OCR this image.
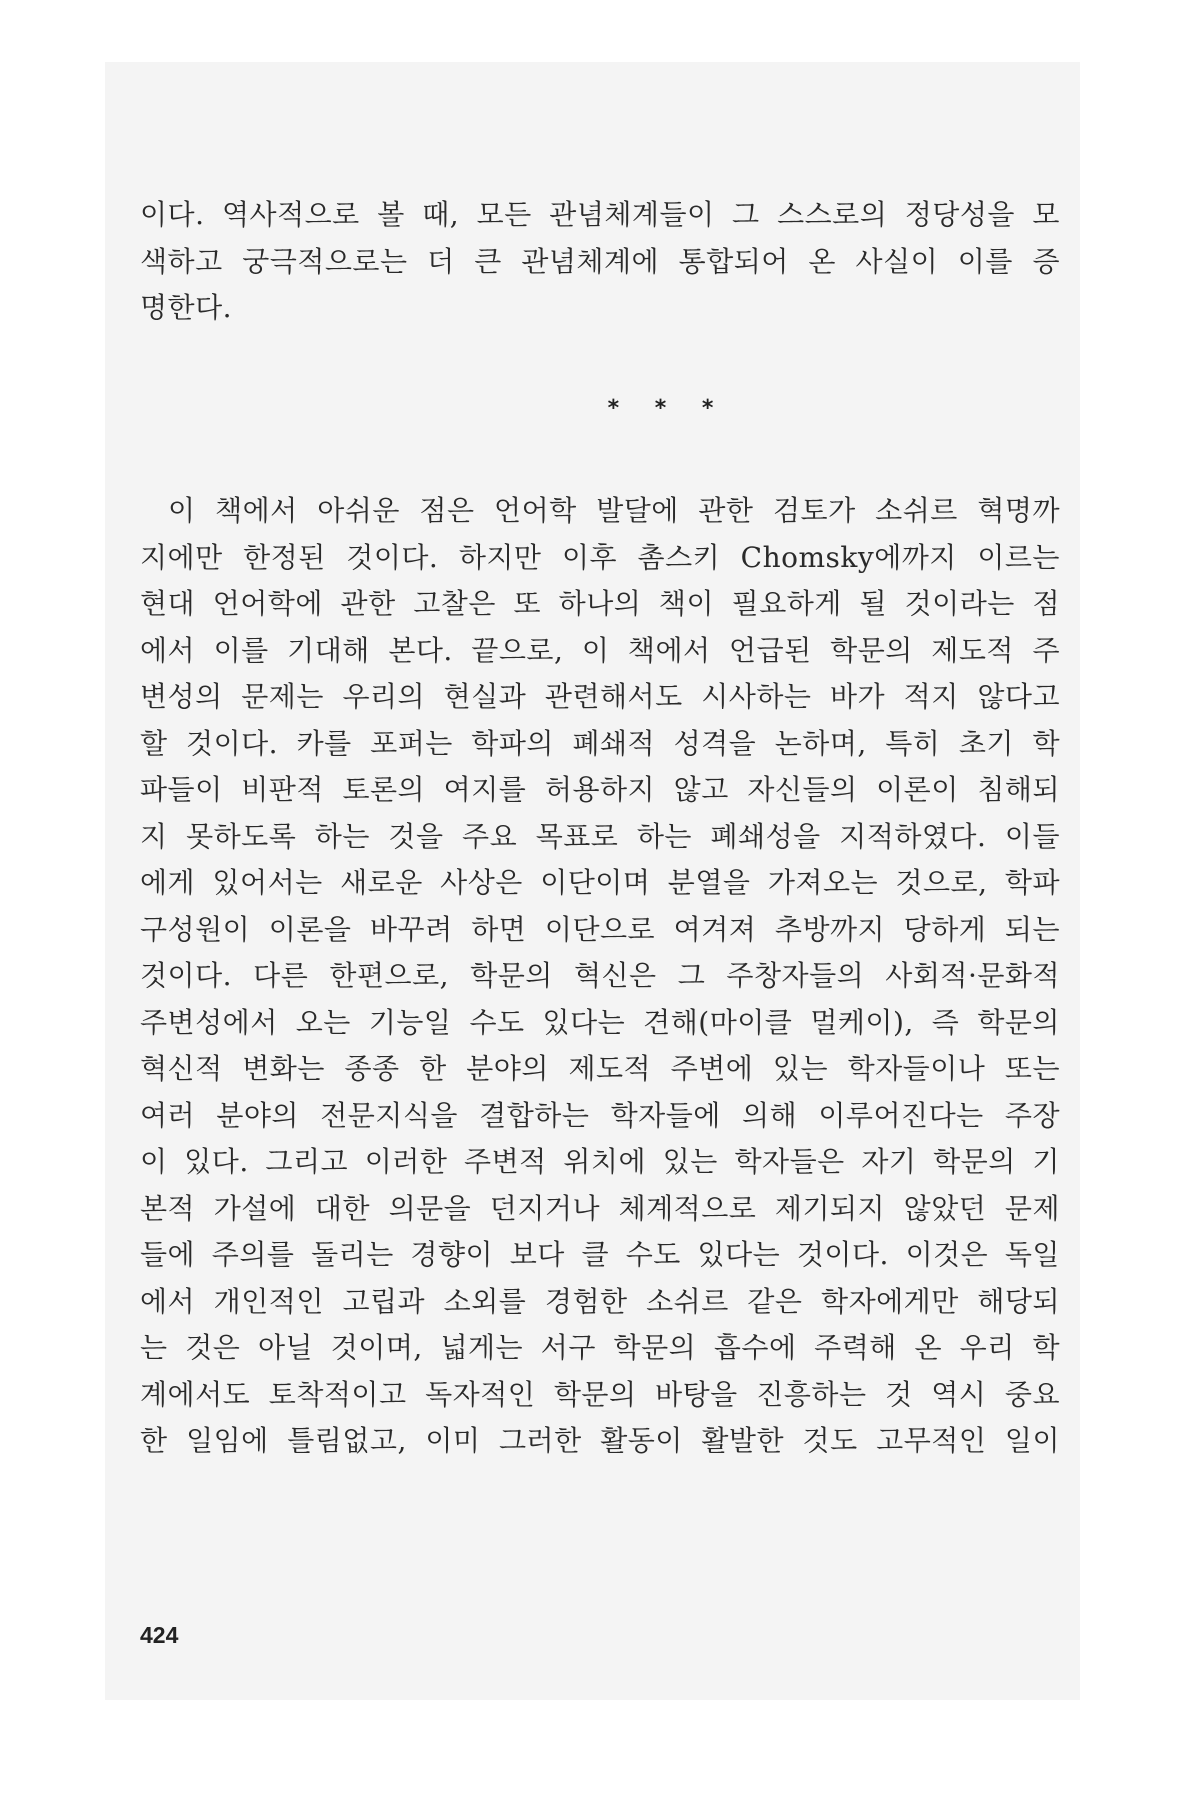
이다. 역사적으로 볼 때, 모든 관념체계들이 그 스스로의 정당성을 모
색하고 궁극적으로는 더 큰 관념체계에 통합되어 온 사실이 이를 증
명한다.
* * *
이 책에서 아쉬운 점은 언어학 발달에 관한 검토가 소쉬르 혁명까
지에만 한정된 것이다. 하지만 이후 촘스키 Chomsky에까지 이르는
현대 언어학에 관한 고찰은 또 하나의 책이 필요하게 될 것이라는 점
에서 이를 기대해 본다. 끝으로, 이 책에서 언급된 학문의 제도적 주
변성의 문제는 우리의 현실과 관련해서도 시사하는 바가 적지 않다고
할 것이다. 카를 포퍼는 학파의 폐쇄적 성격을 논하며, 특히 초기 학
파들이 비판적 토론의 여지를 허용하지 않고 자신들의 이론이 침해되
지 못하도록 하는 것을 주요 목표로 하는 폐쇄성을 지적하였다. 이들
에게 있어서는 새로운 사상은 이단이며 분열을 가져오는 것으로, 학파
구성원이 이론을 바꾸려 하면 이단으로 여겨져 추방까지 당하게 되는
것이다. 다른 한편으로, 학문의 혁신은 그 주창자들의 사회적·문화적
주변성에서 오는 기능일 수도 있다는 견해(마이클 멀케이), 즉 학문의
혁신적 변화는 종종 한 분야의 제도적 주변에 있는 학자들이나 또는
여러 분야의 전문지식을 결합하는 학자들에 의해 이루어진다는 주장
이 있다. 그리고 이러한 주변적 위치에 있는 학자들은 자기 학문의 기
본적 가설에 대한 의문을 던지거나 체계적으로 제기되지 않았던 문제
들에 주의를 돌리는 경향이 보다 클 수도 있다는 것이다. 이것은 독일
에서 개인적인 고립과 소외를 경험한 소쉬르 같은 학자에게만 해당되
는 것은 아닐 것이며, 넓게는 서구 학문의 흡수에 주력해 온 우리 학
계에서도 토착적이고 독자적인 학문의 바탕을 진흥하는 것 역시 중요
한 일임에 틀림없고, 이미 그러한 활동이 활발한 것도 고무적인 일이
424
